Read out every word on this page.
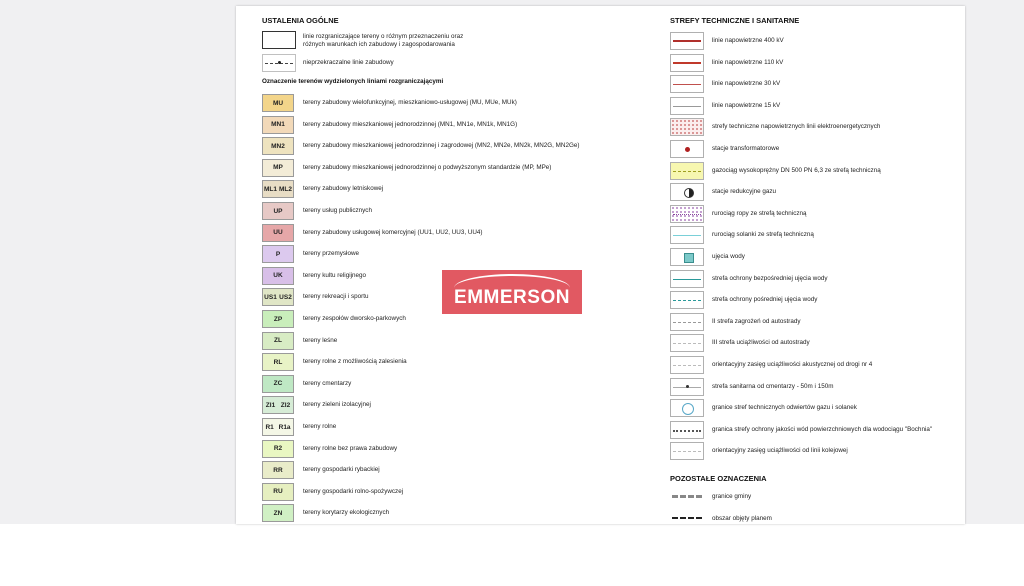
USTALENIA OGÓLNE
linie rozgraniczające tereny o różnym przeznaczeniu oraz
różnych warunkach ich zabudowy i zagospodarowania
nieprzekraczalne linie zabudowy
Oznaczenie terenów wydzielonych liniami rozgraniczającymi
MU	tereny zabudowy wielofunkcyjnej, mieszkaniowo-usługowej (MU, MUe, MUk)
MN1	tereny zabudowy mieszkaniowej jednorodzinnej (MN1, MN1e, MN1k, MN1G)
MN2	tereny zabudowy mieszkaniowej jednorodzinnej i zagrodowej (MN2, MN2e, MN2k, MN2G, MN2Ge)
MP	tereny zabudowy mieszkaniowej jednorodzinnej o podwyższonym standardzie (MP, MPe)
ML1 ML2 tereny zabudowy letniskowej
UP	tereny usług publicznych
UU	tereny zabudowy usługowej komercyjnej (UU1, UU2, UU3, UU4)
P	tereny przemysłowe
UK	tereny kultu religijnego
US1 US2 tereny rekreacji i sportu
ZP	tereny zespołów dworsko-parkowych
ZL	tereny leśne
RL	tereny rolne z możliwością zalesienia
ZC	tereny cmentarzy
ZI1 ZI2 tereny zieleni izolacyjnej
R1 R1a tereny rolne
R2	tereny rolne bez prawa zabudowy
RR	tereny gospodarki rybackiej
RU	tereny gospodarki rolno-spożywczej
ZN	tereny korytarzy ekologicznych
STREFY TECHNICZNE I SANITARNE
linie napowietrzne 400 kV
linie napowietrzne 110 kV
linie napowietrzne 30 kV
linie napowietrzne 15 kV
strefy techniczne napowietrznych linii elektroenergetycznych
stacje transformatorowe
gazociąg wysokoprężny DN 500 PN 6,3 ze strefą techniczną
stacje redukcyjne gazu
rurociąg ropy ze strefą techniczną
rurociąg solanki ze strefą techniczną
ujęcia wody
strefa ochrony bezpośredniej ujęcia wody
strefa ochrony pośredniej ujęcia wody
II strefa zagrożeń od autostrady
III strefa uciążliwości od autostrady
orientacyjny zasięg uciążliwości akustycznej od drogi nr 4
strefa sanitarna od cmentarzy - 50m i 150m
granice stref technicznych odwiertów gazu i solanek
granica strefy ochrony jakości wód powierzchniowych dla wodociągu "Bochnia"
orientacyjny zasięg uciążliwości od linii kolejowej
POZOSTAŁE OZNACZENIA
granice gminy
obszar objęty planem
EMMERSON
